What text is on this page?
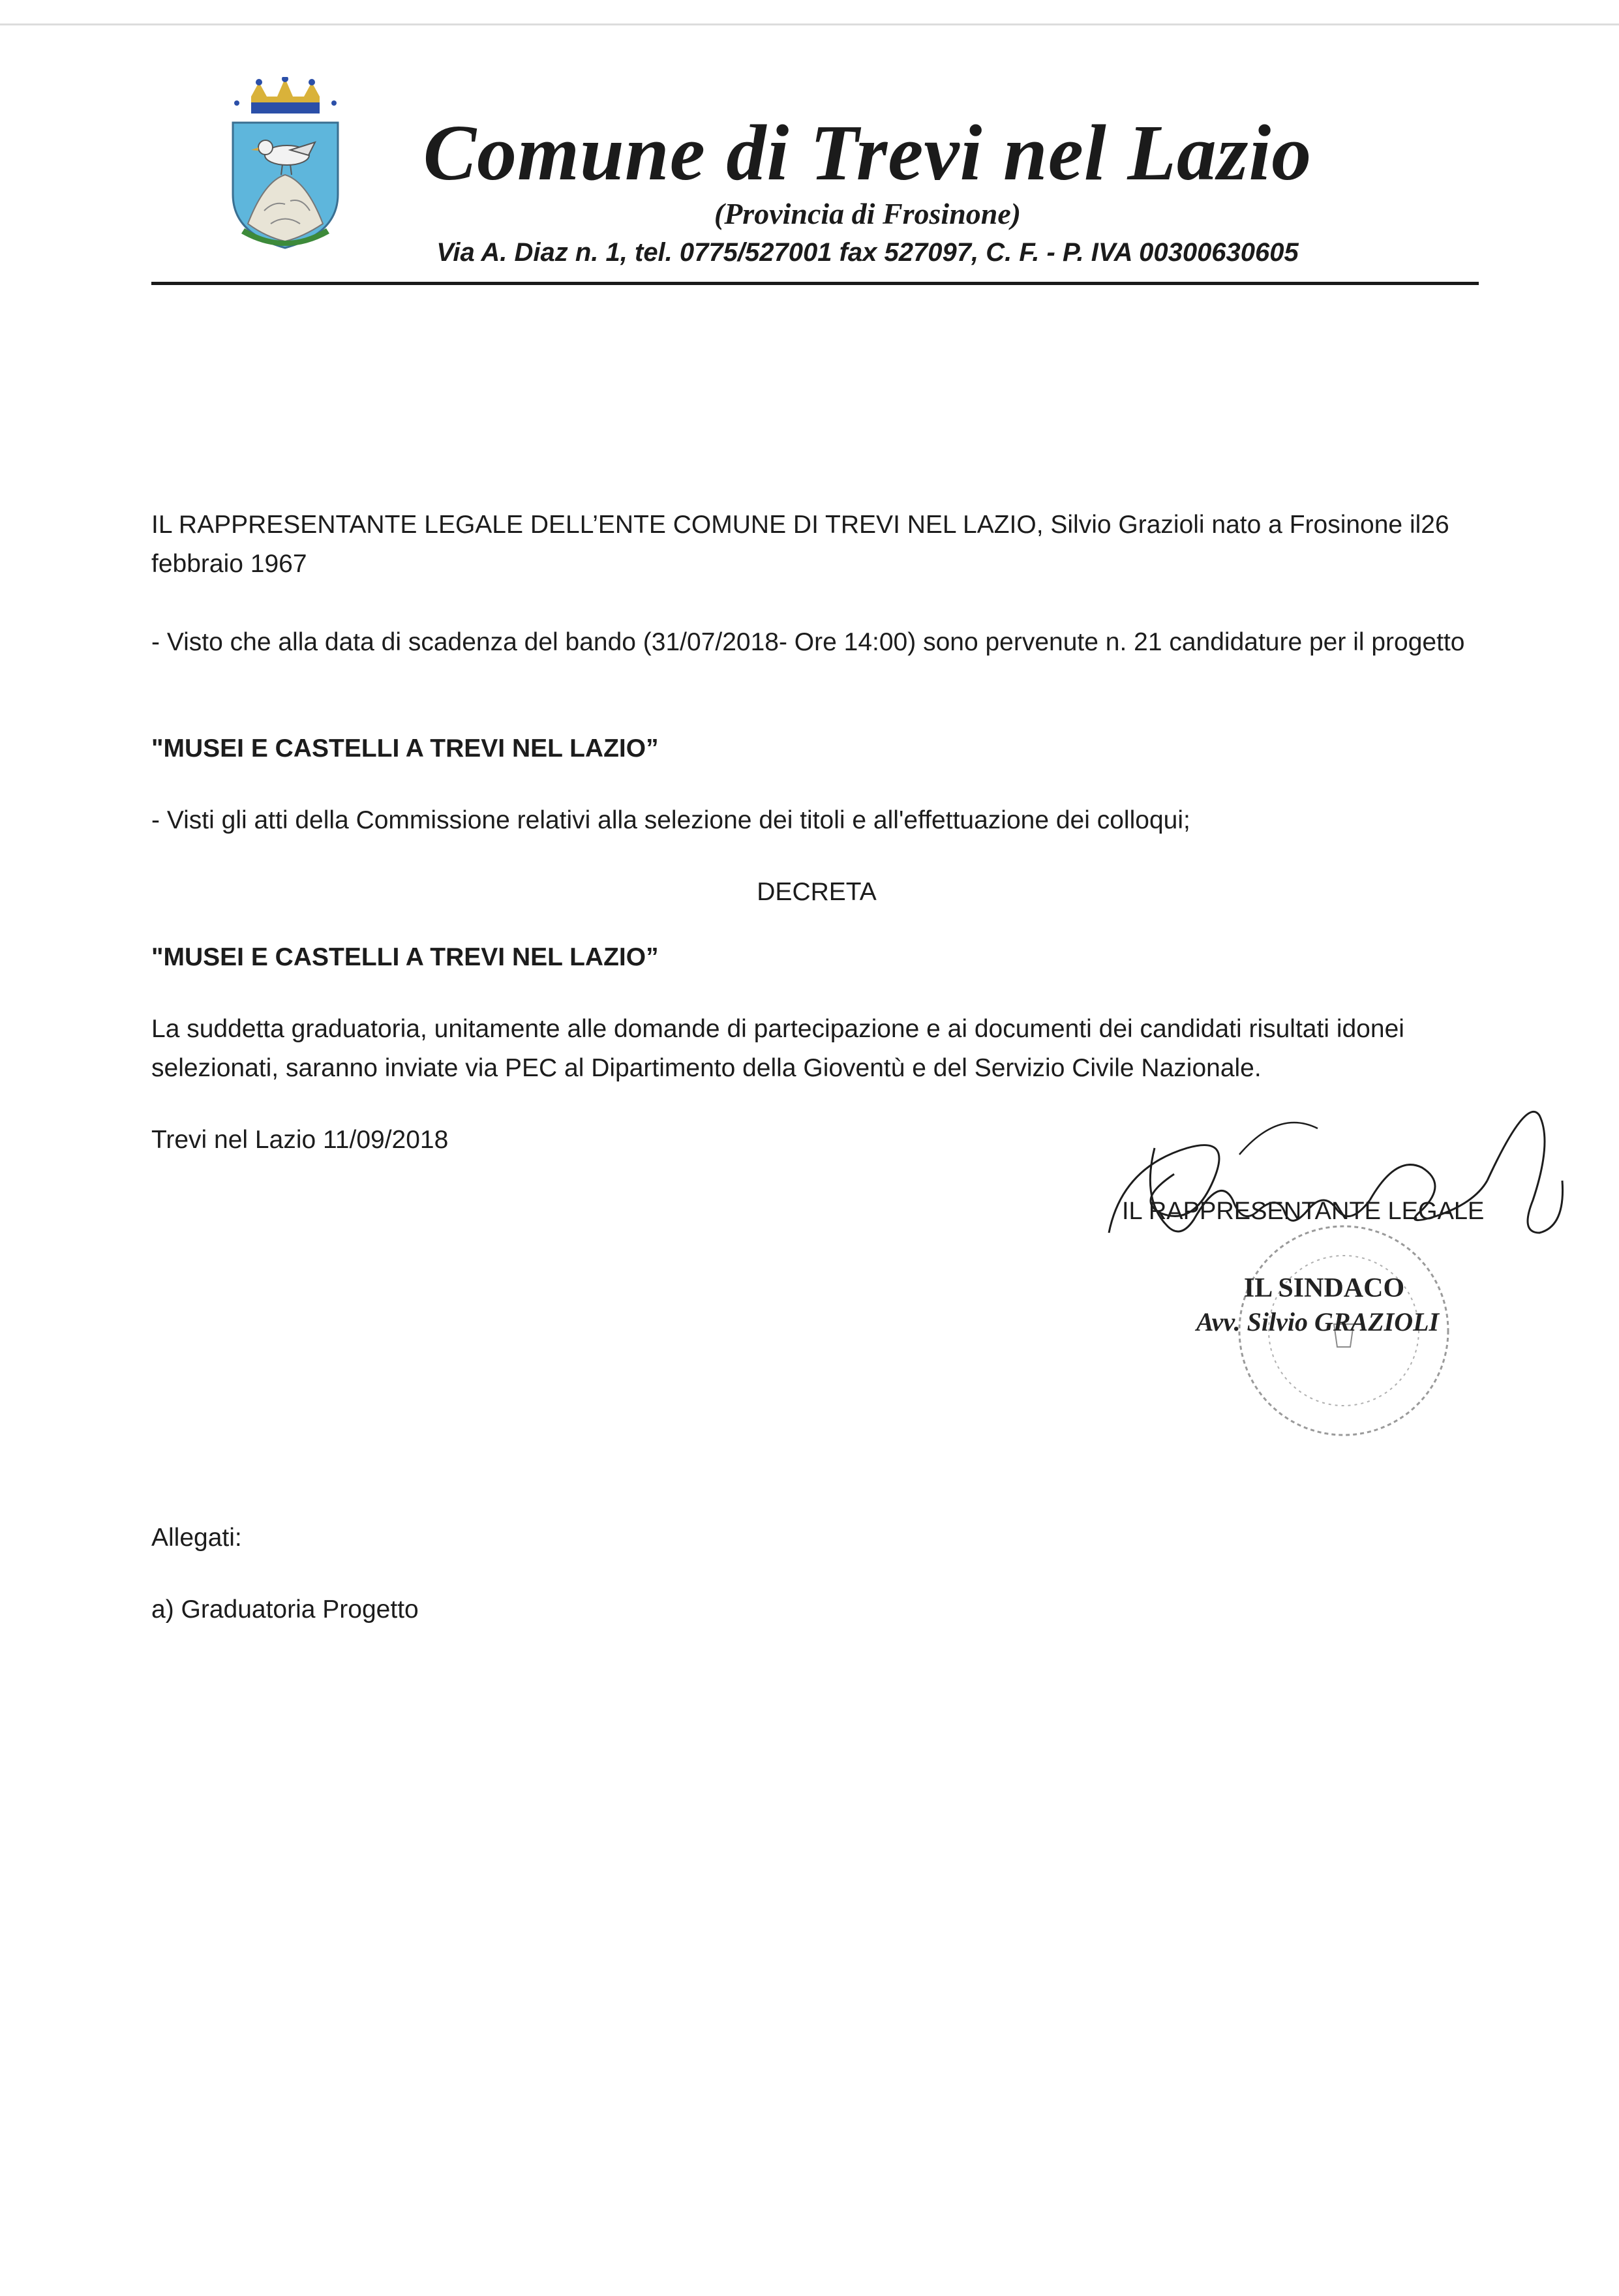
Comune di Trevi nel Lazio
(Provincia di Frosinone)
Via A. Diaz n. 1, tel. 0775/527001 fax 527097, C. F. - P. IVA 00300630605

IL RAPPRESENTANTE LEGALE DELL’ENTE COMUNE DI TREVI NEL LAZIO, Silvio Grazioli nato a Frosinone il26 febbraio 1967

- Visto che alla data di scadenza del bando (31/07/2018- Ore 14:00) sono pervenute n. 21 candidature per il progetto

"MUSEI E CASTELLI A TREVI NEL LAZIO”

- Visti gli atti della Commissione relativi alla selezione dei titoli e all'effettuazione dei colloqui;

DECRETA

"MUSEI E CASTELLI A TREVI NEL LAZIO”

La suddetta graduatoria, unitamente alle domande di partecipazione e ai documenti dei candidati risultati idonei selezionati, saranno inviate via PEC al Dipartimento della Gioventù e del Servizio Civile Nazionale.

Trevi nel Lazio 11/09/2018

IL RAPPRESENTANTE LEGALE
IL SINDACO
Avv. Silvio GRAZIOLI

Allegati:

a) Graduatoria Progetto
